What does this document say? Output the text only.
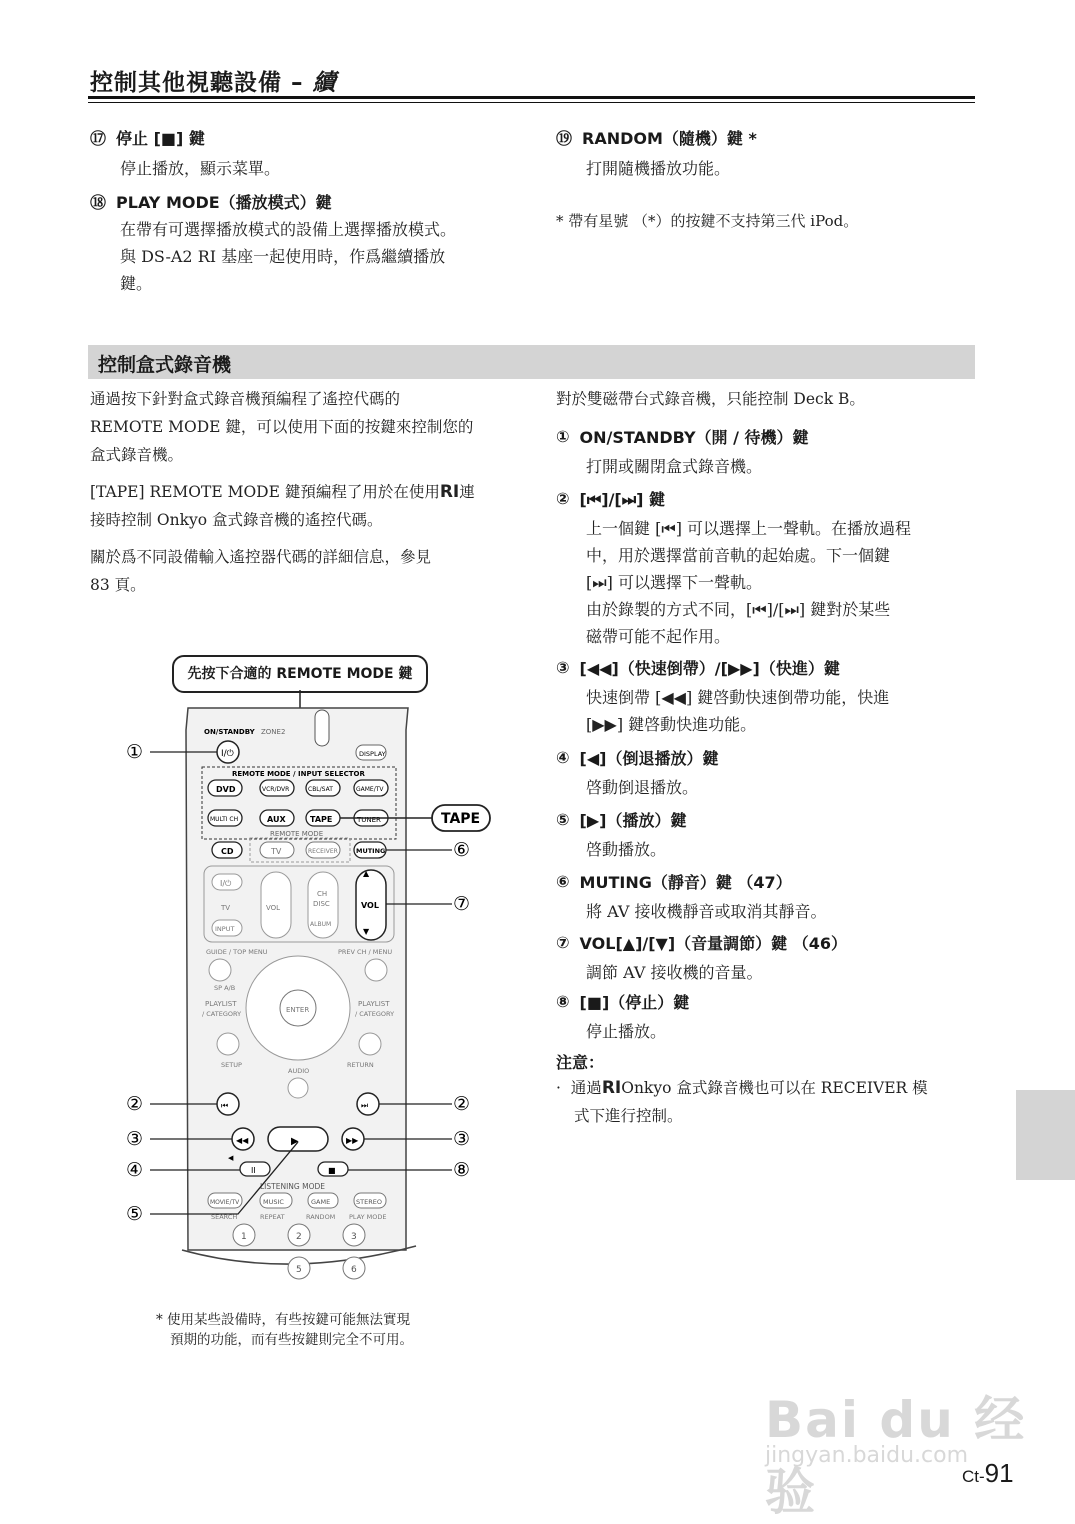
控制其他視聽設備 – 續
⑰ 停止 [■] 鍵
停止播放，顯示菜單。
⑱ PLAY MODE（播放模式）鍵
在帶有可選擇播放模式的設備上選擇播放模式。
與 DS-A2 RI 基座一起使用時，作爲繼續播放
鍵。
⑲ RANDOM（隨機）鍵 *
打開隨機播放功能。
* 帶有星號 （*）的按鍵不支持第三代 iPod。
控制盒式錄音機
通過按下針對盒式錄音機預編程了遙控代碼的
REMOTE MODE 鍵，可以使用下面的按鍵來控制您的
盒式錄音機。
[TAPE] REMOTE MODE 鍵預編程了用於在使用RI連
接時控制 Onkyo 盒式錄音機的遙控代碼。
關於爲不同設備輸入遙控器代碼的詳細信息，參見
83 頁。
對於雙磁帶台式錄音機，只能控制 Deck B。
① ON/STANDBY（開 / 待機）鍵
打開或關閉盒式錄音機。
② [⏮]/[⏭] 鍵
上一個鍵 [⏮] 可以選擇上一聲軌。在播放過程
中，用於選擇當前音軌的起始處。下一個鍵
[⏭] 可以選擇下一聲軌。
由於錄製的方式不同，[⏮]/[⏭] 鍵對於某些
磁帶可能不起作用。
③ [◀◀]（快速倒帶）/[▶▶]（快進）鍵
快速倒帶 [◀◀] 鍵啓動快速倒帶功能，快進
[▶▶] 鍵啓動快進功能。
④ [◀]（倒退播放）鍵
啓動倒退播放。
⑤ [▶]（播放）鍵
啓動播放。
⑥ MUTING（靜音）鍵 （47）
將 AV 接收機靜音或取消其靜音。
⑦ VOL[▲]/[▼]（音量調節）鍵 （46）
調節 AV 接收機的音量。
⑧ [■]（停止）鍵
停止播放。
注意：
· 通過RIOnkyo 盒式錄音機也可以在 RECEIVER 模
式下進行控制。
先按下合適的 REMOTE MODE 鍵
ON/STANDBY ZONE2
I/⏻	DISPLAY
REMOTE MODE / INPUT SELECTOR
DVD	VCR/DVR	CBL/SAT	GAME/TV
MULTI CH	AUX	TAPE	TUNER
REMOTE MODE
CD	TV	RECEIVER	MUTING
I/⏻
TV
INPUT
VOL
CH
DISC
ALBUM
▲
VOL
▼
GUIDE / TOP MENU	PREV CH / MENU
SP A/B
ENTER
PLAYLIST
/ CATEGORY
PLAYLIST
/ CATEGORY
SETUP	RETURN
AUDIO
⏮	⏭
◀◀	▶	▶▶
◀
II	■
LISTENING MODE
MOVIE/TV	MUSIC	GAME	STEREO
SEARCH	REPEAT	RANDOM PLAY MODE
1	2	3
5	6
TAPE
①
⑥
⑦
②	②
③	③
④	⑧
⑤
* 使用某些設備時，有些按鍵可能無法實現
預期的功能，而有些按鍵則完全不可用。
Bai du 经验
jingyan.baidu.com
Ct-91
